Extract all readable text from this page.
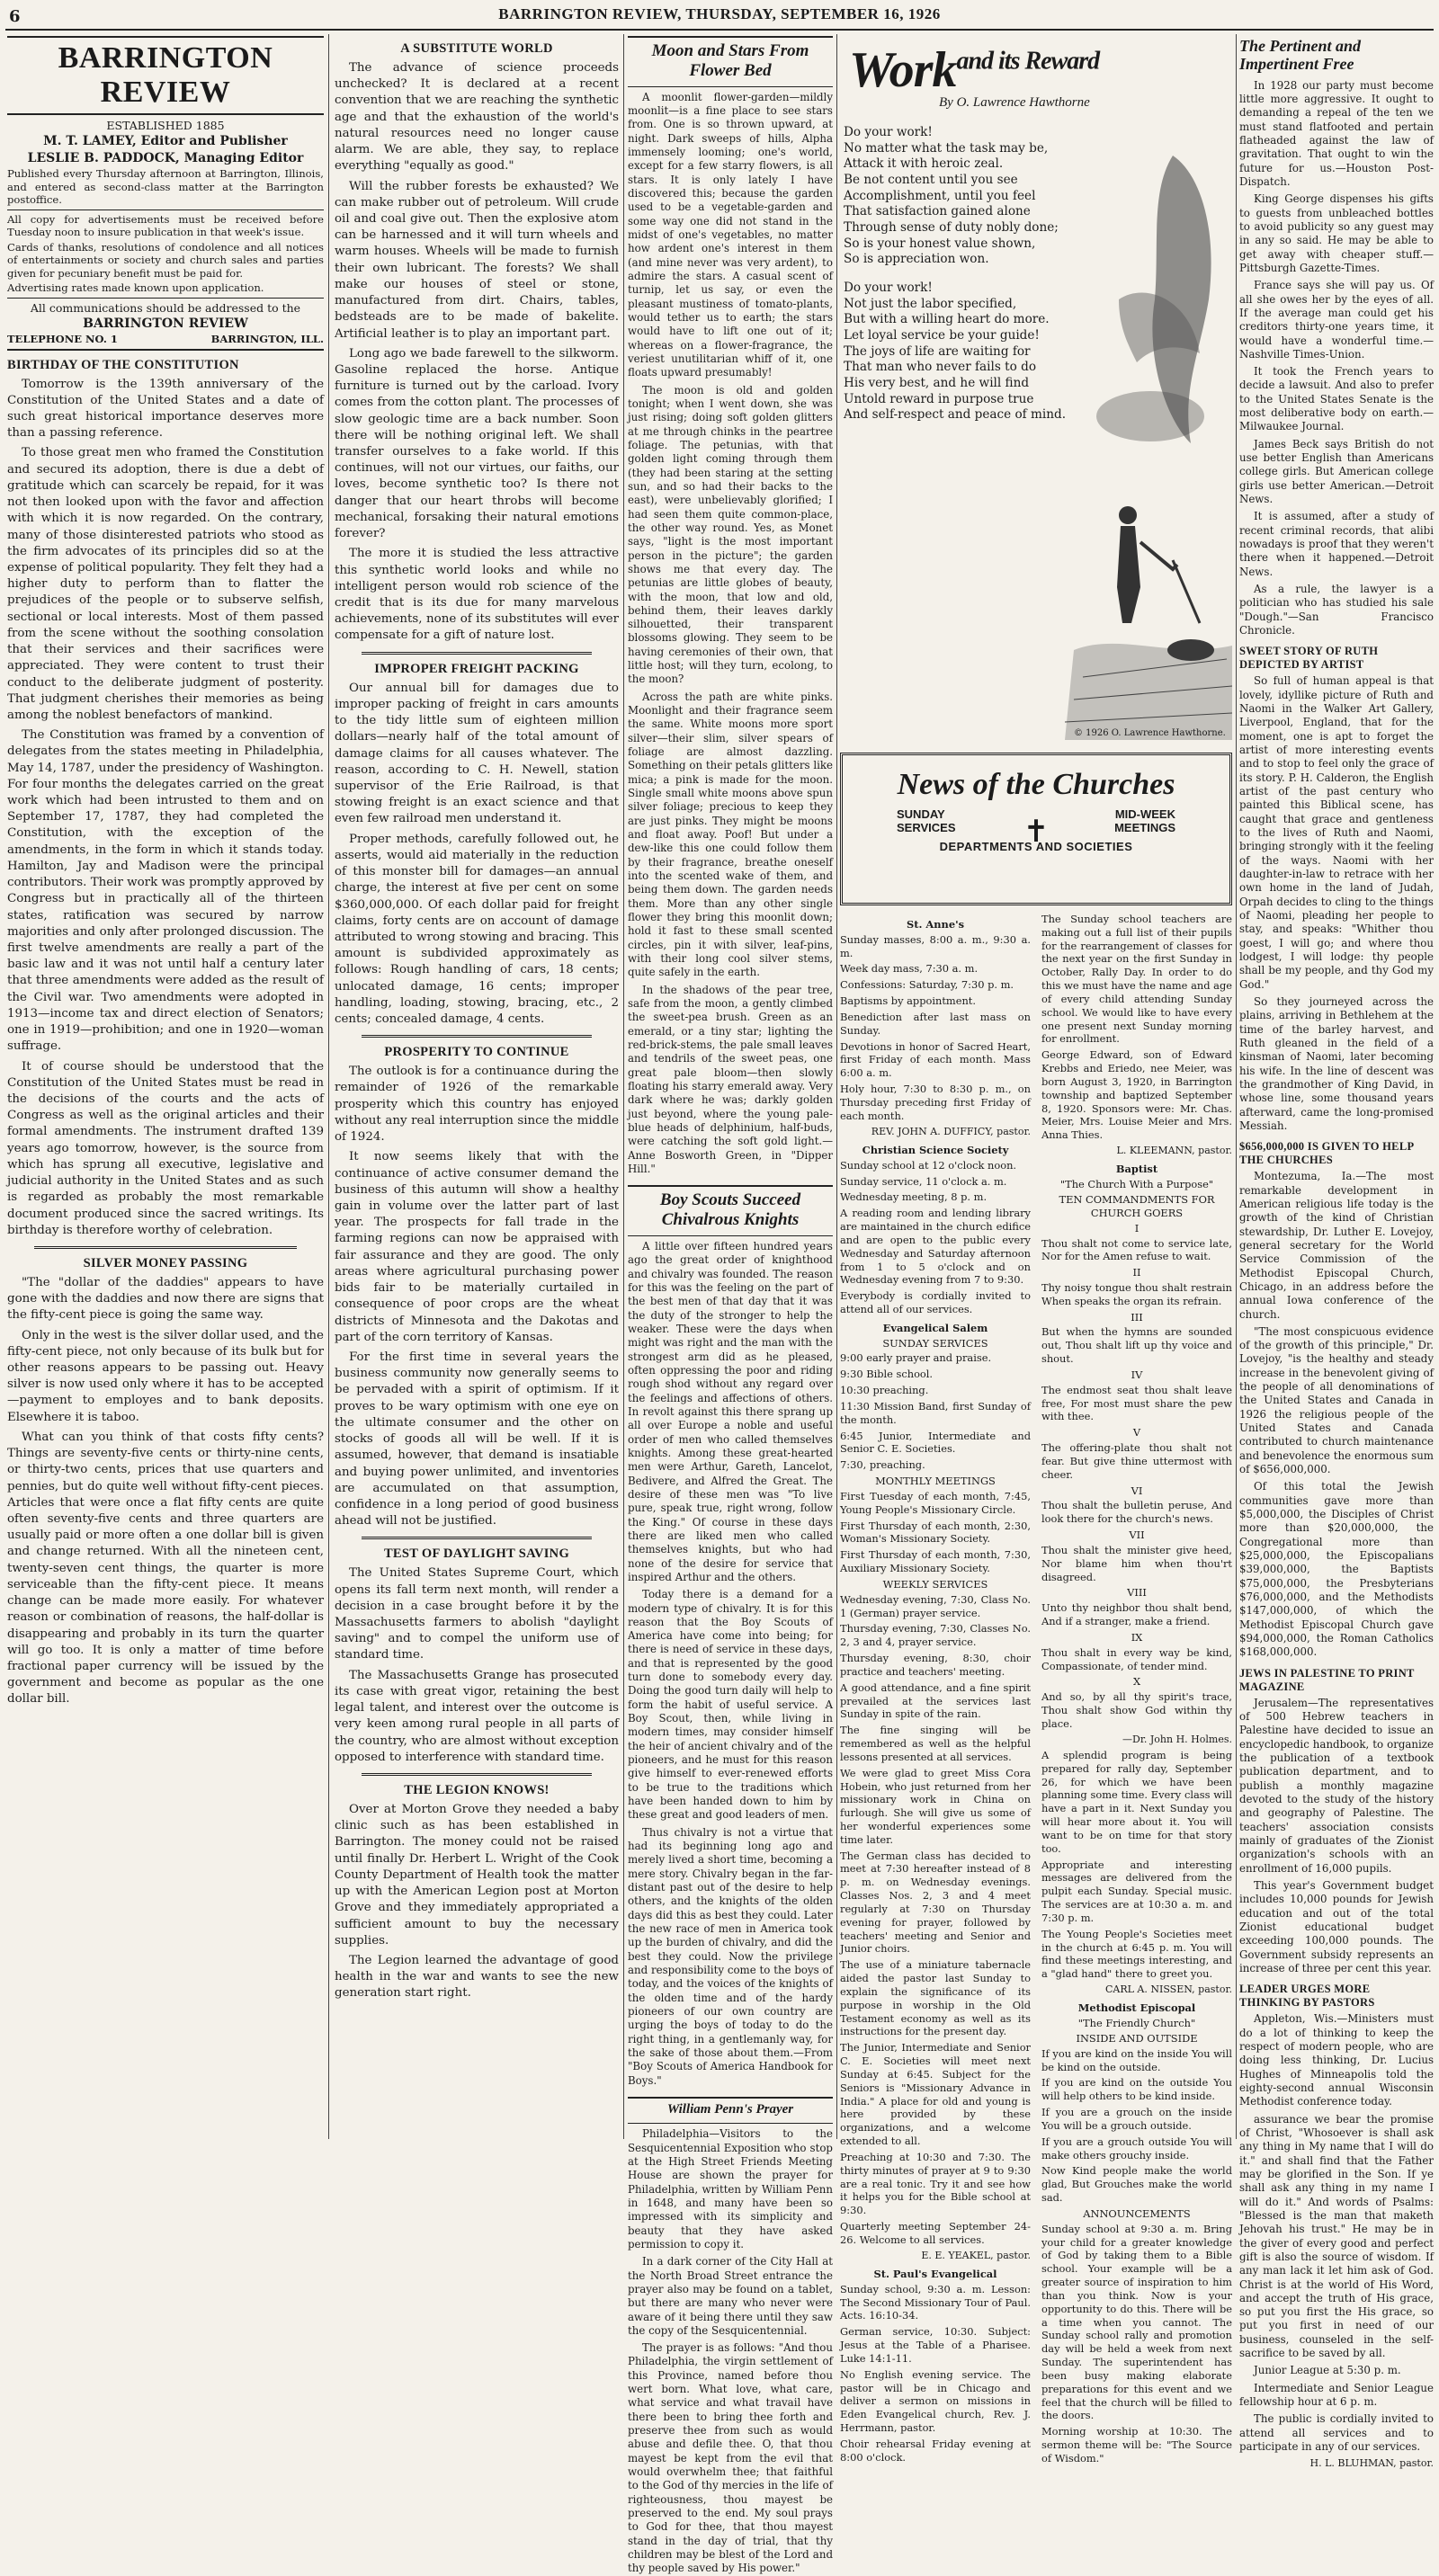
6	BARRINGTON REVIEW, THURSDAY, SEPTEMBER 16, 1926
BARRINGTON REVIEW

ESTABLISHED 1885

M. T. LAMEY, Editor and Publisher

LESLIE B. PADDOCK, Managing Editor

Published every Thursday afternoon at Barrington, Illinois, and entered as second-class matter at the Barrington postoffice.

All copy for advertisements must be received before Tuesday noon to insure publication in that week's issue.

Cards of thanks, resolutions of condolence and all notices of entertainments or society and church sales and parties given for pecuniary benefit must be paid for.

Advertising rates made known upon application.

All communications should be addressed to the

BARRINGTON REVIEW

TELEPHONE NO. 1	BARRINGTON, ILL.
BIRTHDAY OF THE CONSTITUTION

Tomorrow is the 139th anniversary of the Constitution of the United States and a date of such great historical importance deserves more than a passing reference.

To those great men who framed the Constitution and secured its adoption, there is due a debt of gratitude which can scarcely be repaid, for it was not then looked upon with the favor and affection with which it is now regarded. On the contrary, many of those disinterested patriots who stood as the firm advocates of its principles did so at the expense of political popularity. They felt they had a higher duty to perform than to flatter the prejudices of the people or to subserve selfish, sectional or local interests. Most of them passed from the scene without the soothing consolation that their services and their sacrifices were appreciated. They were content to trust their conduct to the deliberate judgment of posterity. That judgment cherishes their memories as being among the noblest benefactors of mankind.

The Constitution was framed by a convention of delegates from the states meeting in Philadelphia, May 14, 1787, under the presidency of Washington. For four months the delegates carried on the great work which had been intrusted to them and on September 17, 1787, they had completed the Constitution, with the exception of the amendments, in the form in which it stands today. Hamilton, Jay and Madison were the principal contributors. Their work was promptly approved by Congress but in practically all of the thirteen states, ratification was secured by narrow majorities and only after prolonged discussion. The first twelve amendments are really a part of the basic law and it was not until half a century later that three amendments were added as the result of the Civil war. Two amendments were adopted in 1913—income tax and direct election of Senators; one in 1919—prohibition; and one in 1920—woman suffrage.

It of course should be understood that the Constitution of the United States must be read in the decisions of the courts and the acts of Congress as well as the original articles and their formal amendments. The instrument drafted 139 years ago tomorrow, however, is the source from which has sprung all executive, legislative and judicial authority in the United States and as such is regarded as probably the most remarkable document produced since the sacred writings. Its birthday is therefore worthy of celebration.

SILVER MONEY PASSING

"The "dollar of the daddies" appears to have gone with the daddies and now there are signs that the fifty-cent piece is going the same way.

Only in the west is the silver dollar used, and the fifty-cent piece, not only because of its bulk but for other reasons appears to be passing out. Heavy silver is now used only where it has to be accepted—payment to employes and to bank deposits. Elsewhere it is taboo.

What can you think of that costs fifty cents? Things are seventy-five cents or thirty-nine cents, or thirty-two cents, prices that use quarters and pennies, but do quite well without fifty-cent pieces. Articles that were once a flat fifty cents are quite often seventy-five cents and three quarters are usually paid or more often a one dollar bill is given and change returned. With all the nineteen cent, twenty-seven cent things, the quarter is more serviceable than the fifty-cent piece. It means change can be made more easily. For whatever reason or combination of reasons, the half-dollar is disappearing and probably in its turn the quarter will go too. It is only a matter of time before fractional paper currency will be issued by the government and become as popular as the one dollar bill.

A SUBSTITUTE WORLD

The advance of science proceeds unchecked? It is declared at a recent convention that we are reaching the synthetic age and that the exhaustion of the world's natural resources need no longer cause alarm. We are able, they say, to replace everything "equally as good."

Will the rubber forests be exhausted? We can make rubber out of petroleum. Will crude oil and coal give out. Then the explosive atom can be harnessed and it will turn wheels and warm houses. Wheels will be made to furnish their own lubricant. The forests? We shall make our houses of steel or stone, manufactured from dirt. Chairs, tables, bedsteads are to be made of bakelite. Artificial leather is to play an important part.

Long ago we bade farewell to the silkworm. Gasoline replaced the horse. Antique furniture is turned out by the carload. Ivory comes from the cotton plant. The processes of slow geologic time are a back number. Soon there will be nothing original left. We shall transfer ourselves to a fake world. If this continues, will not our virtues, our faiths, our loves, become synthetic too? Is there not danger that our heart throbs will become mechanical, forsaking their natural emotions forever?

The more it is studied the less attractive this synthetic world looks and while no intelligent person would rob science of the credit that is its due for many marvelous achievements, none of its substitutes will ever compensate for a gift of nature lost.

IMPROPER FREIGHT PACKING

Our annual bill for damages due to improper packing of freight in cars amounts to the tidy little sum of eighteen million dollars—nearly half of the total amount of damage claims for all causes whatever. The reason, according to C. H. Newell, station supervisor of the Erie Railroad, is that stowing freight is an exact science and that even few railroad men understand it.

Proper methods, carefully followed out, he asserts, would aid materially in the reduction of this monster bill for damages—an annual charge, the interest at five per cent on some $360,000,000. Of each dollar paid for freight claims, forty cents are on account of damage attributed to wrong stowing and bracing. This amount is subdivided approximately as follows: Rough handling of cars, 18 cents; unlocated damage, 16 cents; improper handling, loading, stowing, bracing, etc., 2 cents; concealed damage, 4 cents.

PROSPERITY TO CONTINUE

The outlook is for a continuance during the remainder of 1926 of the remarkable prosperity which this country has enjoyed without any real interruption since the middle of 1924.

It now seems likely that with the continuance of active consumer demand the business of this autumn will show a healthy gain in volume over the latter part of last year. The prospects for fall trade in the farming regions can now be appraised with fair assurance and they are good. The only areas where agricultural purchasing power bids fair to be materially curtailed in consequence of poor crops are the wheat districts of Minnesota and the Dakotas and part of the corn territory of Kansas.

For the first time in several years the business community now generally seems to be pervaded with a spirit of optimism. If it proves to be wary optimism with one eye on the ultimate consumer and the other on stocks of goods all will be well. If it is assumed, however, that demand is insatiable and buying power unlimited, and inventories are accumulated on that assumption, confidence in a long period of good business ahead will not be justified.

TEST OF DAYLIGHT SAVING

The United States Supreme Court, which opens its fall term next month, will render a decision in a case brought before it by the Massachusetts farmers to abolish "daylight saving" and to compel the uniform use of standard time.

The Massachusetts Grange has prosecuted its case with great vigor, retaining the best legal talent, and interest over the outcome is very keen among rural people in all parts of the country, who are almost without exception opposed to interference with standard time.

THE LEGION KNOWS!

Over at Morton Grove they needed a baby clinic such as has been established in Barrington. The money could not be raised until finally Dr. Herbert L. Wright of the Cook County Department of Health took the matter up with the American Legion post at Morton Grove and they immediately appropriated a sufficient amount to buy the necessary supplies.

The Legion learned the advantage of good health in the war and wants to see the new generation start right.

Moon and Stars From Flower Bed

A moonlit flower-garden—mildly moonlit—is a fine place to see stars from. One is so thrown upward, at night. Dark sweeps of hills, Alpha immensely looming; one's world, except for a few starry flowers, is all stars. It is only lately I have discovered this; because the garden used to be a vegetable-garden and some way one did not stand in the midst of one's vegetables, no matter how ardent one's interest in them (and mine never was very ardent), to admire the stars. A casual scent of turnip, let us say, or even the pleasant mustiness of tomato-plants, would tether us to earth; the stars would have to lift one out of it; whereas on a flower-fragrance, the veriest unutilitarian whiff of it, one floats upward presumably!

The moon is old and golden tonight; when I went down, she was just rising; doing soft golden glitters at me through chinks in the peartree foliage. The petunias, with that golden light coming through them (they had been staring at the setting sun, and so had their backs to the east), were unbelievably glorified; I had seen them quite common-place, the other way round. Yes, as Monet says, "light is the most important person in the picture"; the garden shows me that every day. The petunias are little globes of beauty, with the moon, that low and old, behind them, their leaves darkly silhouetted, their transparent blossoms glowing. They seem to be having ceremonies of their own, that little host; will they turn, ecolong, to the moon?

Across the path are white pinks. Moonlight and their fragrance seem the same. White moons more sport silver—their slim, silver spears of foliage are almost dazzling. Something on their petals glitters like mica; a pink is made for the moon. Single small white moons above spun silver foliage; precious to keep they are just pinks. They might be moons and float away. Poof! But under a dew-like this one could follow them by their fragrance, breathe oneself into the scented wake of them, and being them down. The garden needs them. More than any other single flower they bring this moonlit down; hold it fast to these small scented circles, pin it with silver, leaf-pins, with their long cool silver stems, quite safely in the earth.

In the shadows of the pear tree, safe from the moon, a gently climbed the sweet-pea brush. Green as an emerald, or a tiny star; lighting the red-brick-stems, the pale small leaves and tendrils of the sweet peas, one great pale bloom—then slowly floating his starry emerald away. Very dark where he was; darkly golden just beyond, where the young pale-blue heads of delphinium, half-buds, were catching the soft gold light.—Anne Bosworth Green, in "Dipper Hill."

Boy Scouts Succeed Chivalrous Knights

A little over fifteen hundred years ago the great order of knighthood and chivalry was founded. The reason for this was the feeling on the part of the best men of that day that it was the duty of the stronger to help the weaker. These were the days when might was right and the man with the strongest arm did as he pleased, often oppressing the poor and riding rough shod without any regard over the feelings and affections of others. In revolt against this there sprang up all over Europe a noble and useful order of men who called themselves knights. Among these great-hearted men were Arthur, Gareth, Lancelot, Bedivere, and Alfred the Great. The desire of these men was "To live pure, speak true, right wrong, follow the King." Of course in these days there are liked men who called themselves knights, but who had none of the desire for service that inspired Arthur and the others.

Today there is a demand for a modern type of chivalry. It is for this reason that the Boy Scouts of America have come into being; for there is need of service in these days, and that is represented by the good turn done to somebody every day. Doing the good turn daily will help to form the habit of useful service. A Boy Scout, then, while living in modern times, may consider himself the heir of ancient chivalry and of the pioneers, and he must for this reason give himself to ever-renewed efforts to be true to the traditions which have been handed down to him by these great and good leaders of men.

Thus chivalry is not a virtue that had its beginning long ago and merely lived a short time, becoming a mere story. Chivalry began in the far-distant past out of the desire to help others, and the knights of the olden days did this as best they could. Later the new race of men in America took up the burden of chivalry, and did the best they could. Now the privilege and responsibility come to the boys of today, and the voices of the knights of the olden time and of the hardy pioneers of our own country are urging the boys of today to do the right thing, in a gentlemanly way, for the sake of those about them.—From "Boy Scouts of America Handbook for Boys."

William Penn's Prayer

Philadelphia—Visitors to the Sesquicentennial Exposition who stop at the High Street Friends Meeting House are shown the prayer for Philadelphia, written by William Penn in 1648, and many have been so impressed with its simplicity and beauty that they have asked permission to copy it.

In a dark corner of the City Hall at the North Broad Street entrance the prayer also may be found on a tablet, but there are many who never were aware of it being there until they saw the copy of the Sesquicentennial.

The prayer is as follows: "And thou Philadelphia, the virgin settlement of this Province, named before thou wert born. What love, what care, what service and what travail have there been to bring thee forth and preserve thee from such as would abuse and defile thee. O, that thou mayest be kept from the evil that would overwhelm thee; that faithful to the God of thy mercies in the life of righteousness, thou mayest be preserved to the end. My soul prays to God for thee, that thou mayest stand in the day of trial, that thy children may be blest of the Lord and thy people saved by His power."

Work$^{and its Reward}$
By O. Lawrence Hawthorne
Do your work!
No matter what the task may be,
Attack it with heroic zeal.
Be not content until you see
Accomplishment, until you feel
That satisfaction gained alone
Through sense of duty nobly done;
So is your honest value shown,
So is appreciation won.
Do your work!
Not just the labor specified,
But with a willing heart do more.
Let loyal service be your guide!
The joys of life are waiting for
That man who never fails to do
His very best, and he will find
Untold reward in purpose true
And self-respect and peace of mind.
© 1926 O. Lawrence Hawthorne.
News of the Churches
SUNDAY	MID-WEEK
SERVICES	MEETINGS
✝
DEPARTMENTS AND SOCIETIES

St. Anne's

Sunday masses, 8:00 a. m., 9:30 a. m.

Week day mass, 7:30 a. m.

Confessions: Saturday, 7:30 p. m.

Baptisms by appointment.

Benediction after last mass on Sunday.

Devotions in honor of Sacred Heart, first Friday of each month. Mass 6:00 a. m.

Holy hour, 7:30 to 8:30 p. m., on Thursday preceding first Friday of each month.

REV. JOHN A. DUFFICY, pastor.

Christian Science Society

Sunday school at 12 o'clock noon.

Sunday service, 11 o'clock a. m.

Wednesday meeting, 8 p. m.

A reading room and lending library are maintained in the church edifice and are open to the public every Wednesday and Saturday afternoon from 1 to 5 o'clock and on Wednesday evening from 7 to 9:30.

Everybody is cordially invited to attend all of our services.

Evangelical Salem

SUNDAY SERVICES

9:00 early prayer and praise.

9:30 Bible school.

10:30 preaching.

11:30 Mission Band, first Sunday of the month.

6:45 Junior, Intermediate and Senior C. E. Societies.

7:30, preaching.

MONTHLY MEETINGS

First Tuesday of each month, 7:45, Young People's Missionary Circle.

First Thursday of each month, 2:30, Woman's Missionary Society.

First Thursday of each month, 7:30, Auxiliary Missionary Society.

WEEKLY SERVICES

Wednesday evening, 7:30, Class No. 1 (German) prayer service.

Thursday evening, 7:30, Classes No. 2, 3 and 4, prayer service.

Thursday evening, 8:30, choir practice and teachers' meeting.

A good attendance, and a fine spirit prevailed at the services last Sunday in spite of the rain.

The fine singing will be remembered as well as the helpful lessons presented at all services.

We were glad to greet Miss Cora Hobein, who just returned from her missionary work in China on furlough. She will give us some of her wonderful experiences some time later.

The German class has decided to meet at 7:30 hereafter instead of 8 p. m. on Wednesday evenings. Classes Nos. 2, 3 and 4 meet regularly at 7:30 on Thursday evening for prayer, followed by teachers' meeting and Senior and Junior choirs.

The use of a miniature tabernacle aided the pastor last Sunday to explain the significance of its purpose in worship in the Old Testament economy as well as its instructions for the present day.

The Junior, Intermediate and Senior C. E. Societies will meet next Sunday at 6:45. Subject for the Seniors is "Missionary Advance in India." A place for old and young is here provided by these organizations, and a welcome extended to all.

Preaching at 10:30 and 7:30. The thirty minutes of prayer at 9 to 9:30 are a real tonic. Try it and see how it helps you for the Bible school at 9:30.

Quarterly meeting September 24-26. Welcome to all services.

E. E. YEAKEL, pastor.

St. Paul's Evangelical

Sunday school, 9:30 a. m. Lesson: The Second Missionary Tour of Paul. Acts. 16:10-34.

German service, 10:30. Subject: Jesus at the Table of a Pharisee. Luke 14:1-11.

No English evening service. The pastor will be in Chicago and deliver a sermon on missions in Eden Evangelical church, Rev. J. Herrmann, pastor.

Choir rehearsal Friday evening at 8:00 o'clock.

The Sunday school teachers are making out a full list of their pupils for the rearrangement of classes for the next year on the first Sunday in October, Rally Day. In order to do this we must have the name and age of every child attending Sunday school. We would like to have every one present next Sunday morning for enrollment.

George Edward, son of Edward Krebbs and Eriedo, nee Meier, was born August 3, 1920, in Barrington township and baptized September 8, 1920. Sponsors were: Mr. Chas. Meier, Mrs. Louise Meier and Mrs. Anna Thies.

L. KLEEMANN, pastor.

Baptist

"The Church With a Purpose"

TEN COMMANDMENTS FOR CHURCH GOERS

I

Thou shalt not come to service late, Nor for the Amen refuse to wait.

II

Thy noisy tongue thou shalt restrain When speaks the organ its refrain.

III

But when the hymns are sounded out, Thou shalt lift up thy voice and shout.

IV

The endmost seat thou shalt leave free, For most must share the pew with thee.

V

The offering-plate thou shalt not fear. But give thine uttermost with cheer.

VI

Thou shalt the bulletin peruse, And look there for the church's news.

VII

Thou shalt the minister give heed, Nor blame him when thou'rt disagreed.

VIII

Unto thy neighbor thou shalt bend, And if a stranger, make a friend.

IX

Thou shalt in every way be kind, Compassionate, of tender mind.

X

And so, by all thy spirit's trace, Thou shalt show God within thy place.

—Dr. John H. Holmes.

A splendid program is being prepared for rally day, September 26, for which we have been planning some time. Every class will have a part in it. Next Sunday you will hear more about it. You will want to be on time for that story too.

Appropriate and interesting messages are delivered from the pulpit each Sunday. Special music. The services are at 10:30 a. m. and 7:30 p. m.

The Young People's Societies meet in the church at 6:45 p. m. You will find these meetings interesting, and a "glad hand" there to greet you.

CARL A. NISSEN, pastor.

Methodist Episcopal

"The Friendly Church"

INSIDE AND OUTSIDE

If you are kind on the inside You will be kind on the outside.

If you are kind on the outside You will help others to be kind inside.

If you are a grouch on the inside You will be a grouch outside.

If you are a grouch outside You will make others grouchy inside.

Now Kind people make the world glad, But Grouches make the world sad.

ANNOUNCEMENTS

Sunday school at 9:30 a. m. Bring your child for a greater knowledge of God by taking them to a Bible school. Your example will be a greater source of inspiration to him than you think. Now is your opportunity to do this. There will be a time when you cannot. The Sunday school rally and promotion day will be held a week from next Sunday. The superintendent has been busy making elaborate preparations for this event and we feel that the church will be filled to the doors.

Morning worship at 10:30. The sermon theme will be: "The Source of Wisdom."

The Pertinent and
Impertinent Free

In 1928 our party must become little more aggressive. It ought to demanding a repeal of the ten we must stand flatfooted and pertain flatheaded against the law of gravitation. That ought to win the future for us.—Houston Post-Dispatch.

King George dispenses his gifts to guests from unbleached bottles to avoid publicity so any guest may in any so said. He may be able to get away with cheaper stuff.—Pittsburgh Gazette-Times.

France says she will pay us. Of all she owes her by the eyes of all. If the average man could get his creditors thirty-one years time, it would have a wonderful time.—Nashville Times-Union.

It took the French years to decide a lawsuit. And also to prefer to the United States Senate is the most deliberative body on earth.—Milwaukee Journal.

James Beck says British do not use better English than Americans college girls. But American college girls use better American.—Detroit News.

It is assumed, after a study of recent criminal records, that alibi nowadays is proof that they weren't there when it happened.—Detroit News.

As a rule, the lawyer is a politician who has studied his sale "Dough."—San Francisco Chronicle.

SWEET STORY OF RUTH DEPICTED BY ARTIST

So full of human appeal is that lovely, idyllike picture of Ruth and Naomi in the Walker Art Gallery, Liverpool, England, that for the moment, one is apt to forget the artist of more interesting events and to stop to feel only the grace of its story. P. H. Calderon, the English artist of the past century who painted this Biblical scene, has caught that grace and gentleness to the lives of Ruth and Naomi, bringing strongly with it the feeling of the ways. Naomi with her daughter-in-law to retrace with her own home in the land of Judah, Orpah decides to cling to the things of Naomi, pleading her people to stay, and speaks: "Whither thou goest, I will go; and where thou lodgest, I will lodge: thy people shall be my people, and thy God my God."

So they journeyed across the plains, arriving in Bethlehem at the time of the barley harvest, and Ruth gleaned in the field of a kinsman of Naomi, later becoming his wife. In the line of descent was the grandmother of King David, in whose line, some thousand years afterward, came the long-promised Messiah.

$656,000,000 IS GIVEN TO HELP THE CHURCHES

Montezuma, Ia.—The most remarkable development in American religious life today is the growth of the kind of Christian stewardship, Dr. Luther E. Lovejoy, general secretary for the World Service Commission of the Methodist Episcopal Church, Chicago, in an address before the annual Iowa conference of the church.

"The most conspicuous evidence of the growth of this principle," Dr. Lovejoy, "is the healthy and steady increase in the benevolent giving of the people of all denominations of the United States and Canada in 1926 the religious people of the United States and Canada contributed to church maintenance and benevolence the enormous sum of $656,000,000.

Of this total the Jewish communities gave more than $5,000,000, the Disciples of Christ more than $20,000,000, the Congregational more than $25,000,000, the Episcopalians $39,000,000, the Baptists $75,000,000, the Presbyterians $76,000,000, and the Methodists $147,000,000, of which the Methodist Episcopal Church gave $94,000,000, the Roman Catholics $168,000,000.

JEWS IN PALESTINE TO PRINT MAGAZINE

Jerusalem—The representatives of 500 Hebrew teachers in Palestine have decided to issue an encyclopedic handbook, to organize the publication of a textbook publication department, and to publish a monthly magazine devoted to the study of the history and geography of Palestine. The teachers' association consists mainly of graduates of the Zionist organization's schools with an enrollment of 16,000 pupils.

This year's Government budget includes 10,000 pounds for Jewish education and out of the total Zionist educational budget exceeding 100,000 pounds. The Government subsidy represents an increase of three per cent this year.

LEADER URGES MORE THINKING BY PASTORS

Appleton, Wis.—Ministers must do a lot of thinking to keep the respect of modern people, who are doing less thinking, Dr. Lucius Hughes of Minneapolis told the eighty-second annual Wisconsin Methodist conference today.

assurance we bear the promise of Christ, "Whosoever is shall ask any thing in My name that I will do it." and shall find that the Father may be glorified in the Son. If ye shall ask any thing in my name I will do it." And words of Psalms: "Blessed is the man that maketh Jehovah his trust." He may be in the giver of every good and perfect gift is also the source of wisdom. If any man lack it let him ask of God. Christ is at the world of His Word, and accept the truth of His grace, so put you first the His grace, so put you first in need of our business, counseled in the self-sacrifice to be saved by all.

Junior League at 5:30 p. m.

Intermediate and Senior League fellowship hour at 6 p. m.

The public is cordially invited to attend all services and to participate in any of our services.

H. L. BLUHMAN, pastor.
